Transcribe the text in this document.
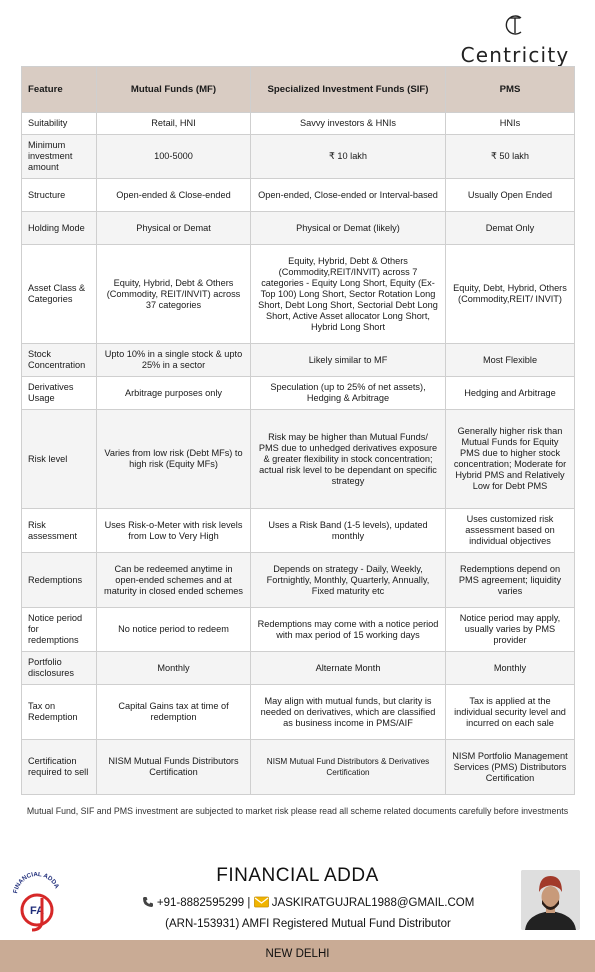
Centricity
Feature	Mutual Funds (MF)	Specialized Investment Funds (SIF)	PMS
Suitability	Retail, HNI	Savvy investors & HNIs	HNIs
Minimum investment amount	100-5000	₹ 10 lakh	₹ 50 lakh
Structure	Open-ended & Close-ended	Open-ended, Close-ended or Interval-based	Usually Open Ended
Holding Mode	Physical or Demat	Physical or Demat (likely)	Demat Only
Asset Class & Categories	Equity, Hybrid, Debt & Others (Commodity, REIT/INVIT) across 37 categories	Equity, Hybrid, Debt & Others (Commodity,REIT/INVIT) across 7 categories - Equity Long Short, Equity (Ex-Top 100) Long Short, Sector Rotation Long Short, Debt Long Short, Sectorial Debt Long Short, Active Asset allocator Long Short, Hybrid Long Short	Equity, Debt, Hybrid, Others (Commodity,REIT/ INVIT)
Stock Concentration	Upto 10% in a single stock & upto 25% in a sector	Likely similar to MF	Most Flexible
Derivatives Usage	Arbitrage purposes only	Speculation (up to 25% of net assets), Hedging & Arbitrage	Hedging and Arbitrage
Risk level	Varies from low risk (Debt MFs) to high risk (Equity MFs)	Risk may be higher than Mutual Funds/ PMS due to unhedged derivatives exposure & greater flexibility in stock concentration; actual risk level to be dependant on specific strategy	Generally higher risk than Mutual Funds for Equity PMS due to higher stock concentration; Moderate for Hybrid PMS and Relatively Low for Debt PMS
Risk assessment	Uses Risk-o-Meter with risk levels from Low to Very High	Uses a Risk Band (1-5 levels), updated monthly	Uses customized risk assessment based on individual objectives
Redemptions	Can be redeemed anytime in open-ended schemes and at maturity in closed ended schemes	Depends on strategy - Daily, Weekly, Fortnightly, Monthly, Quarterly, Annually, Fixed maturity etc	Redemptions depend on PMS agreement; liquidity varies
Notice period for redemptions	No notice period to redeem	Redemptions may come with a notice period with max period of 15 working days	Notice period may apply, usually varies by PMS provider
Portfolio disclosures	Monthly	Alternate Month	Monthly
Tax on Redemption	Capital Gains tax at time of redemption	May align with mutual funds, but clarity is needed on derivatives, which are classified as business income in PMS/AIF	Tax is applied at the individual security level and incurred on each sale
Certification required to sell	NISM Mutual Funds Distributors Certification	NISM Mutual Fund Distributors & Derivatives Certification	NISM Portfolio Management Services (PMS) Distributors Certification
Mutual Fund, SIF and PMS investment are subjected to market risk please read all scheme related documents carefully before investments
FINANCIAL ADDA
FA
FINANCIAL ADDA
+91-8882595299 | JASKIRATGUJRAL1988@GMAIL.COM
(ARN-153931) AMFI Registered Mutual Fund Distributor
NEW DELHI
